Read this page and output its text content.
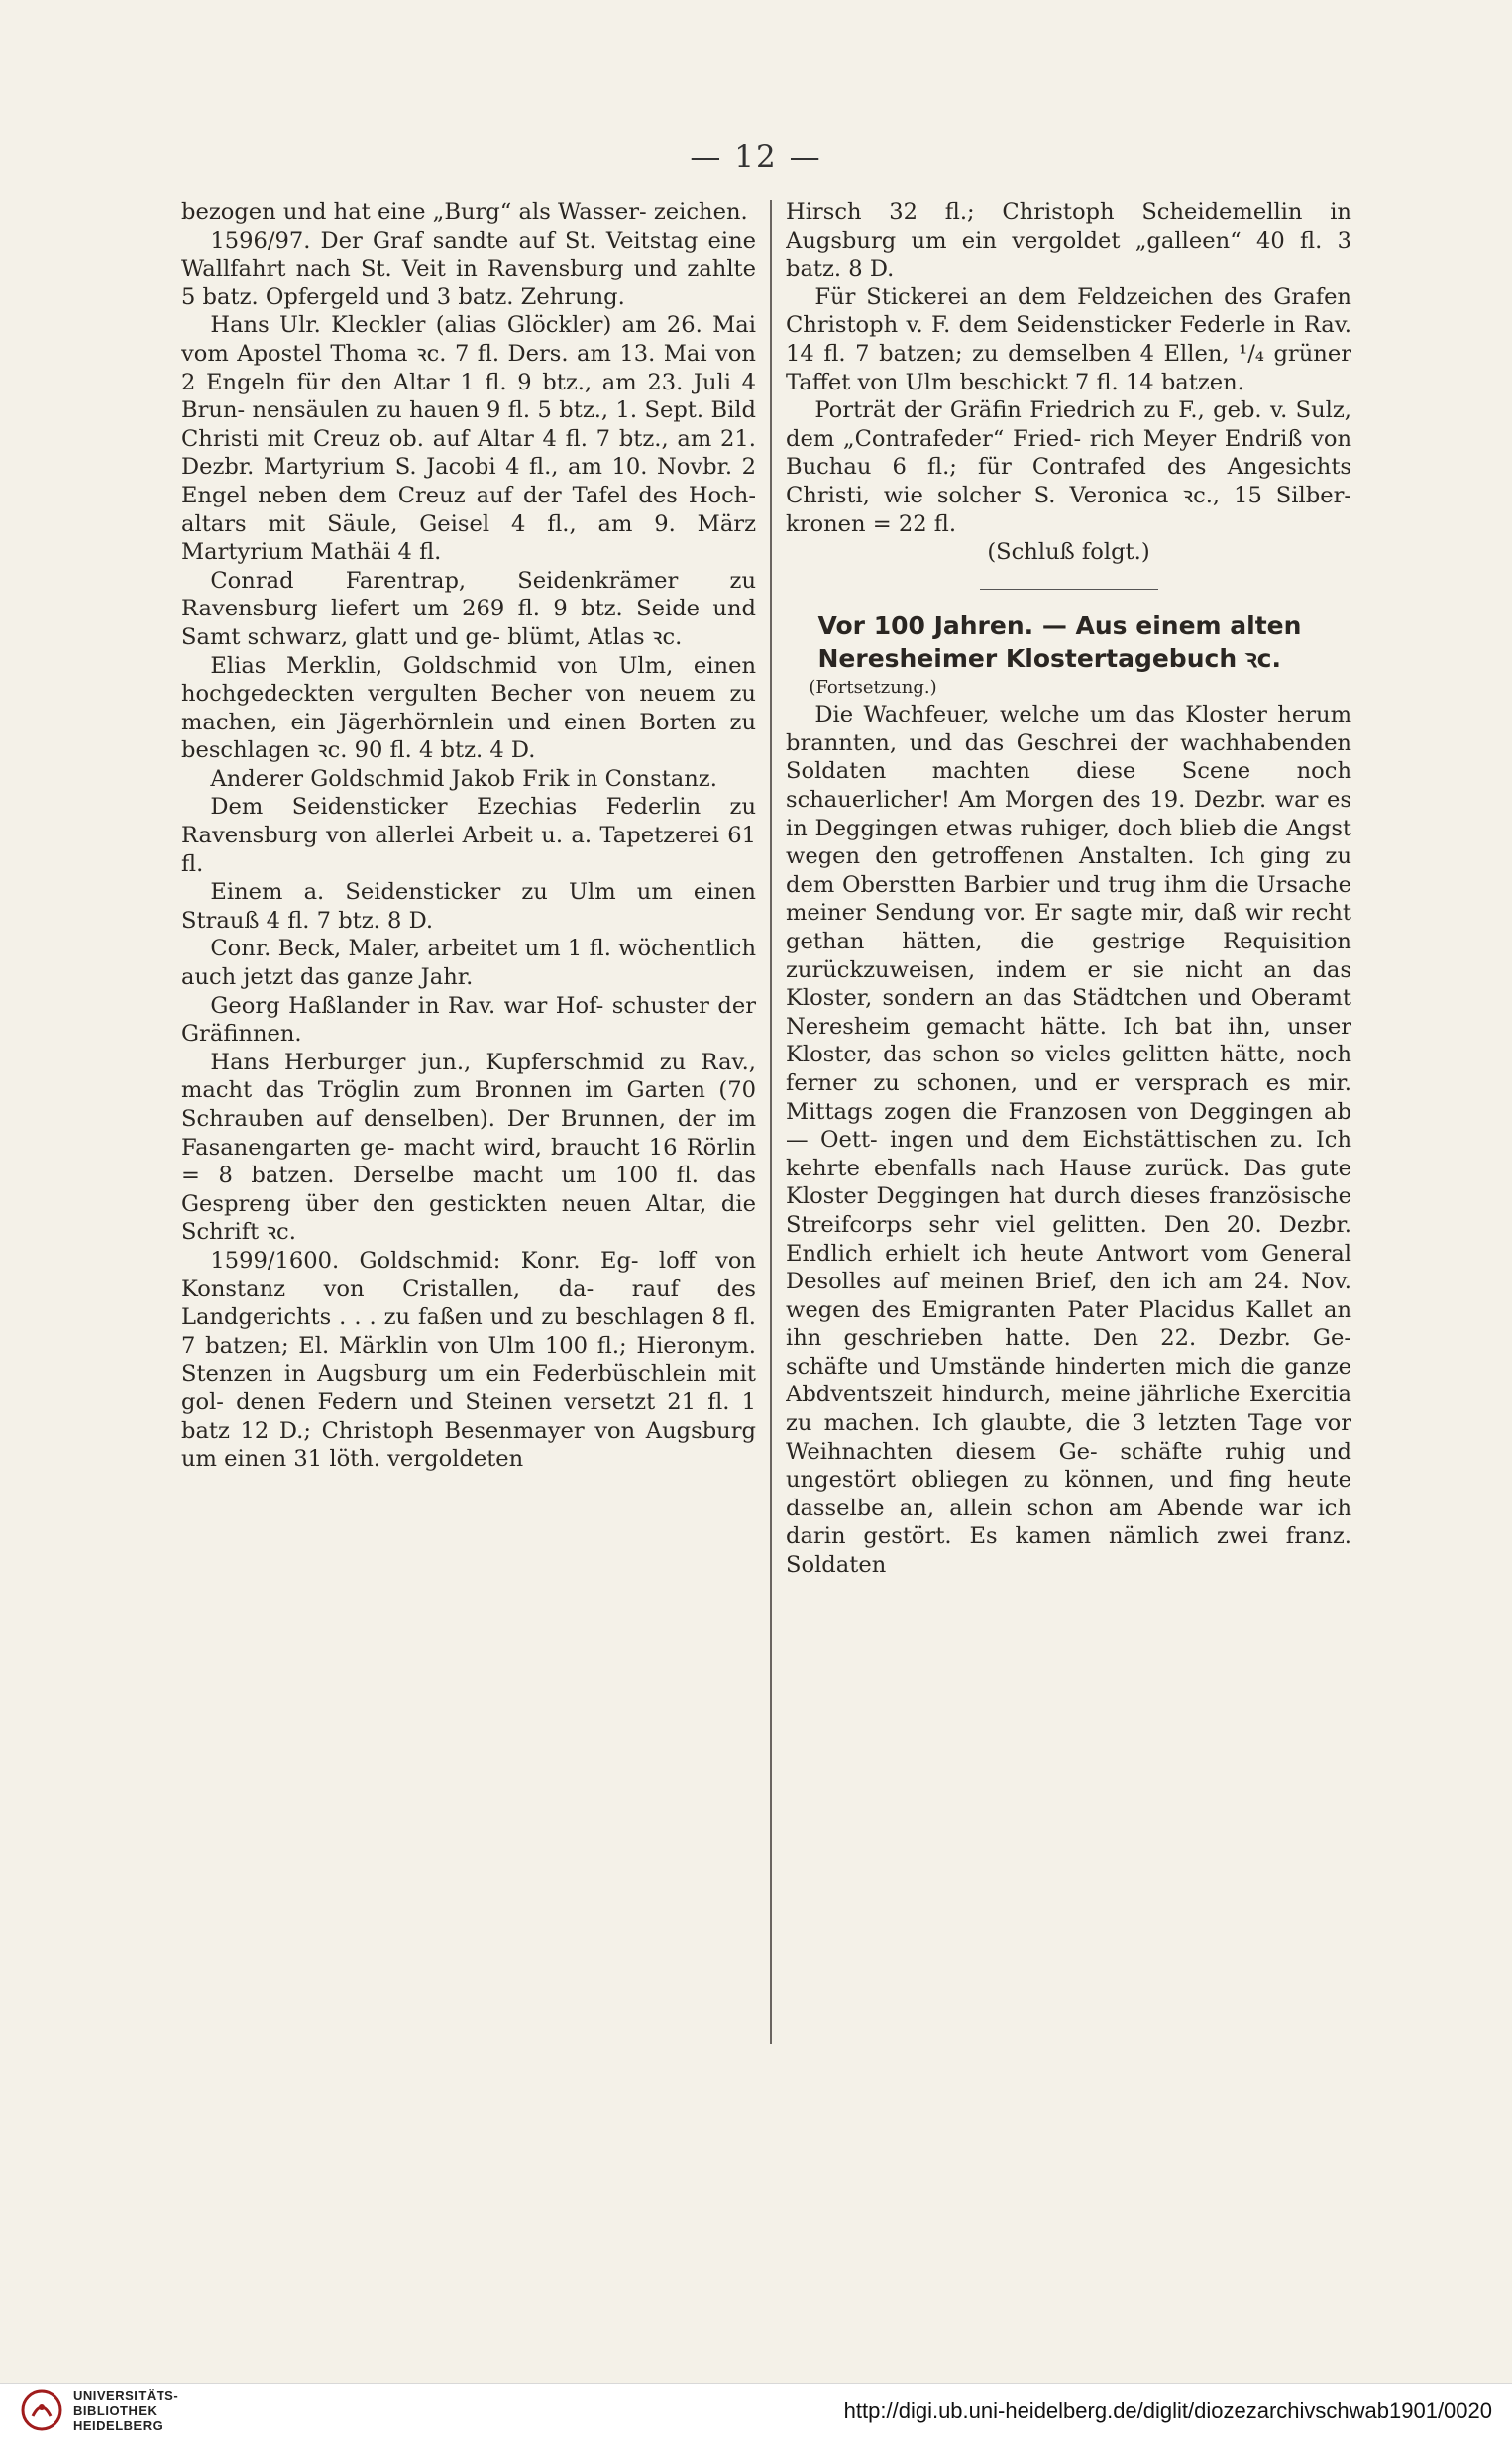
— 12 —

bezogen und hat eine „Burg“ als Wasser- zeichen.

1596/97. Der Graf sandte auf St. Veitstag eine Wallfahrt nach St. Veit in Ravensburg und zahlte 5 batz. Opfergeld und 3 batz. Zehrung.

Hans Ulr. Kleckler (alias Glöckler) am 26. Mai vom Apostel Thoma ꝛc. 7 fl. Ders. am 13. Mai von 2 Engeln für den Altar 1 fl. 9 btz., am 23. Juli 4 Brun- nensäulen zu hauen 9 fl. 5 btz., 1. Sept. Bild Christi mit Creuz ob. auf Altar 4 fl. 7 btz., am 21. Dezbr. Martyrium S. Jacobi 4 fl., am 10. Novbr. 2 Engel neben dem Creuz auf der Tafel des Hoch- altars mit Säule, Geisel 4 fl., am 9. März Martyrium Mathäi 4 fl.

Conrad Farentrap, Seidenkrämer zu Ravensburg liefert um 269 fl. 9 btz. Seide und Samt schwarz, glatt und ge- blümt, Atlas ꝛc.

Elias Merklin, Goldschmid von Ulm, einen hochgedeckten vergulten Becher von neuem zu machen, ein Jägerhörnlein und einen Borten zu beschlagen ꝛc. 90 fl. 4 btz. 4 D.

Anderer Goldschmid Jakob Frik in Constanz.

Dem Seidensticker Ezechias Federlin zu Ravensburg von allerlei Arbeit u. a. Tapetzerei 61 fl.

Einem a. Seidensticker zu Ulm um einen Strauß 4 fl. 7 btz. 8 D.

Conr. Beck, Maler, arbeitet um 1 fl. wöchentlich auch jetzt das ganze Jahr.

Georg Haßlander in Rav. war Hof- schuster der Gräfinnen.

Hans Herburger jun., Kupferschmid zu Rav., macht das Tröglin zum Bronnen im Garten (70 Schrauben auf denselben). Der Brunnen, der im Fasanengarten ge- macht wird, braucht 16 Rörlin = 8 batzen. Derselbe macht um 100 fl. das Gespreng über den gestickten neuen Altar, die Schrift ꝛc.

1599/1600. Goldschmid: Konr. Eg- loff von Konstanz von Cristallen, da- rauf des Landgerichts . . . zu faßen und zu beschlagen 8 fl. 7 batzen; El. Märklin von Ulm 100 fl.; Hieronym. Stenzen in Augsburg um ein Federbüschlein mit gol- denen Federn und Steinen versetzt 21 fl. 1 batz 12 D.; Christoph Besenmayer von Augsburg um einen 31 löth. vergoldeten

Hirsch 32 fl.; Christoph Scheidemellin in Augsburg um ein vergoldet „galleen“ 40 fl. 3 batz. 8 D.

Für Stickerei an dem Feldzeichen des Grafen Christoph v. F. dem Seidensticker Federle in Rav. 14 fl. 7 batzen; zu demselben 4 Ellen, ¹/₄ grüner Taffet von Ulm beschickt 7 fl. 14 batzen.

Porträt der Gräfin Friedrich zu F., geb. v. Sulz, dem „Contrafeder“ Fried- rich Meyer Endriß von Buchau 6 fl.; für Contrafed des Angesichts Christi, wie solcher S. Veronica ꝛc., 15 Silber- kronen = 22 fl.

(Schluß folgt.)

Vor 100 Jahren. — Aus einem alten

Neresheimer Klostertagebuch ꝛc.

(Fortsetzung.)

Die Wachfeuer, welche um das Kloster herum brannten, und das Geschrei der wachhabenden Soldaten machten diese Scene noch schauerlicher! Am Morgen des 19. Dezbr. war es in Deggingen etwas ruhiger, doch blieb die Angst wegen den getroffenen Anstalten. Ich ging zu dem Oberstten Barbier und trug ihm die Ursache meiner Sendung vor. Er sagte mir, daß wir recht gethan hätten, die gestrige Requisition zurückzuweisen, indem er sie nicht an das Kloster, sondern an das Städtchen und Oberamt Neresheim gemacht hätte. Ich bat ihn, unser Kloster, das schon so vieles gelitten hätte, noch ferner zu schonen, und er versprach es mir. Mittags zogen die Franzosen von Deggingen ab — Oett- ingen und dem Eichstättischen zu. Ich kehrte ebenfalls nach Hause zurück. Das gute Kloster Deggingen hat durch dieses französische Streifcorps sehr viel gelitten. Den 20. Dezbr. Endlich erhielt ich heute Antwort vom General Desolles auf meinen Brief, den ich am 24. Nov. wegen des Emigranten Pater Placidus Kallet an ihn geschrieben hatte. Den 22. Dezbr. Ge- schäfte und Umstände hinderten mich die ganze Abdventszeit hindurch, meine jährliche Exercitia zu machen. Ich glaubte, die 3 letzten Tage vor Weihnachten diesem Ge- schäfte ruhig und ungestört obliegen zu können, und fing heute dasselbe an, allein schon am Abende war ich darin gestört. Es kamen nämlich zwei franz. Soldaten

UNIVERSITÄTS-
BIBLIOTHEK
HEIDELBERG
http://digi.ub.uni-heidelberg.de/diglit/diozezarchivschwab1901/0020
